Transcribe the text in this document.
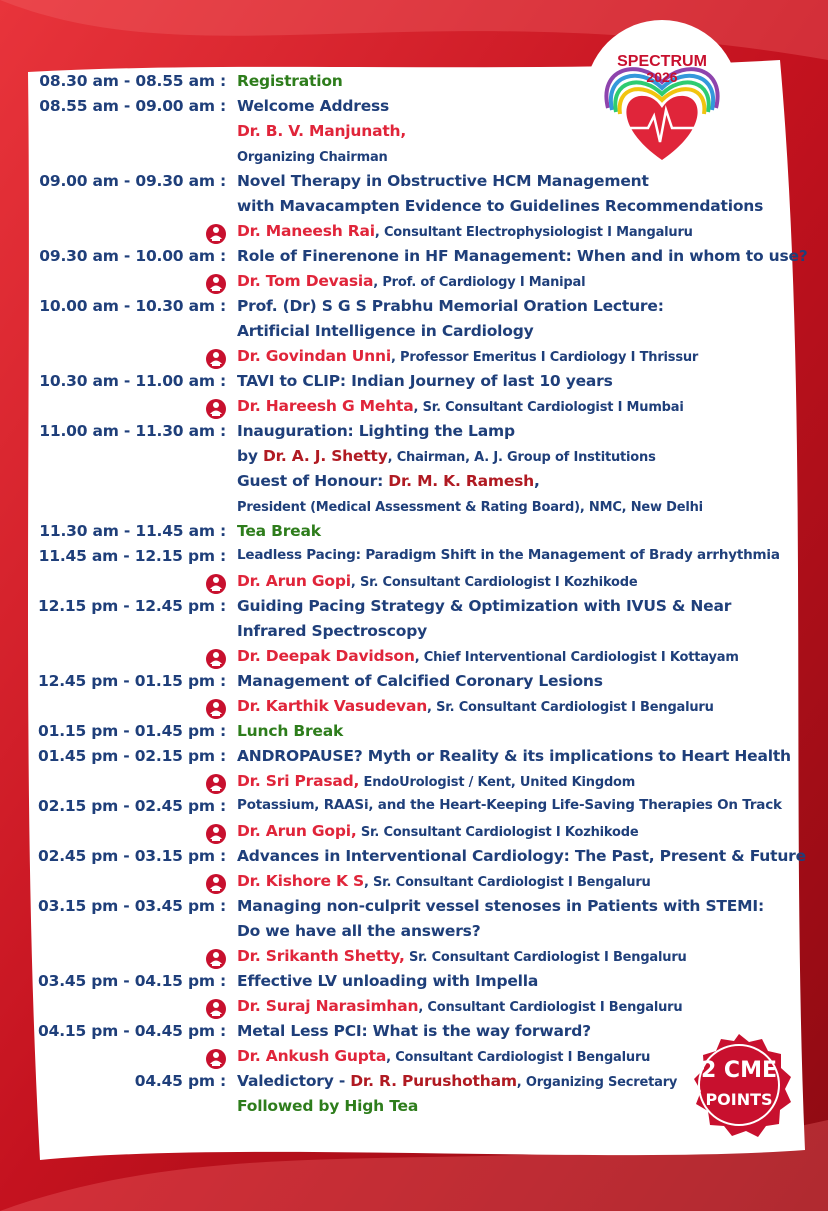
SPECTRUM
2026
08.30 am - 08.55 am : Registration
08.55 am - 09.00 am : Welcome Address
Dr. B. V. Manjunath,
Organizing Chairman
09.00 am - 09.30 am : Novel Therapy in Obstructive HCM Management
with Mavacampten Evidence to Guidelines Recommendations
Dr. Maneesh Rai, Consultant Electrophysiologist I Mangaluru
09.30 am - 10.00 am : Role of Finerenone in HF Management: When and in whom to use?
Dr. Tom Devasia, Prof. of Cardiology I Manipal
10.00 am - 10.30 am : Prof. (Dr) S G S Prabhu Memorial Oration Lecture:
Artificial Intelligence in Cardiology
Dr. Govindan Unni, Professor Emeritus I Cardiology I Thrissur
10.30 am - 11.00 am : TAVI to CLIP: Indian Journey of last 10 years
Dr. Hareesh G Mehta, Sr. Consultant Cardiologist I Mumbai
11.00 am - 11.30 am : Inauguration: Lighting the Lamp
by Dr. A. J. Shetty, Chairman, A. J. Group of Institutions
Guest of Honour: Dr. M. K. Ramesh,
President (Medical Assessment & Rating Board), NMC, New Delhi
11.30 am - 11.45 am : Tea Break
11.45 am - 12.15 pm : Leadless Pacing: Paradigm Shift in the Management of Brady arrhythmia
Dr. Arun Gopi, Sr. Consultant Cardiologist I Kozhikode
12.15 pm - 12.45 pm : Guiding Pacing Strategy & Optimization with IVUS & Near
Infrared Spectroscopy
Dr. Deepak Davidson, Chief Interventional Cardiologist I Kottayam
12.45 pm - 01.15 pm : Management of Calcified Coronary Lesions
Dr. Karthik Vasudevan, Sr. Consultant Cardiologist I Bengaluru
01.15 pm - 01.45 pm : Lunch Break
01.45 pm - 02.15 pm : ANDROPAUSE? Myth or Reality & its implications to Heart Health
Dr. Sri Prasad, EndoUrologist / Kent, United Kingdom
02.15 pm - 02.45 pm : Potassium, RAASi, and the Heart-Keeping Life-Saving Therapies On Track
Dr. Arun Gopi, Sr. Consultant Cardiologist I Kozhikode
02.45 pm - 03.15 pm : Advances in Interventional Cardiology: The Past, Present & Future
Dr. Kishore K S, Sr. Consultant Cardiologist I Bengaluru
03.15 pm - 03.45 pm : Managing non-culprit vessel stenoses in Patients with STEMI:
Do we have all the answers?
Dr. Srikanth Shetty, Sr. Consultant Cardiologist I Bengaluru
03.45 pm - 04.15 pm : Effective LV unloading with Impella
Dr. Suraj Narasimhan, Consultant Cardiologist I Bengaluru
04.15 pm - 04.45 pm : Metal Less PCI: What is the way forward?
Dr. Ankush Gupta, Consultant Cardiologist I Bengaluru
04.45 pm : Valedictory - Dr. R. Purushotham, Organizing Secretary
Followed by High Tea
2 CME
POINTS
